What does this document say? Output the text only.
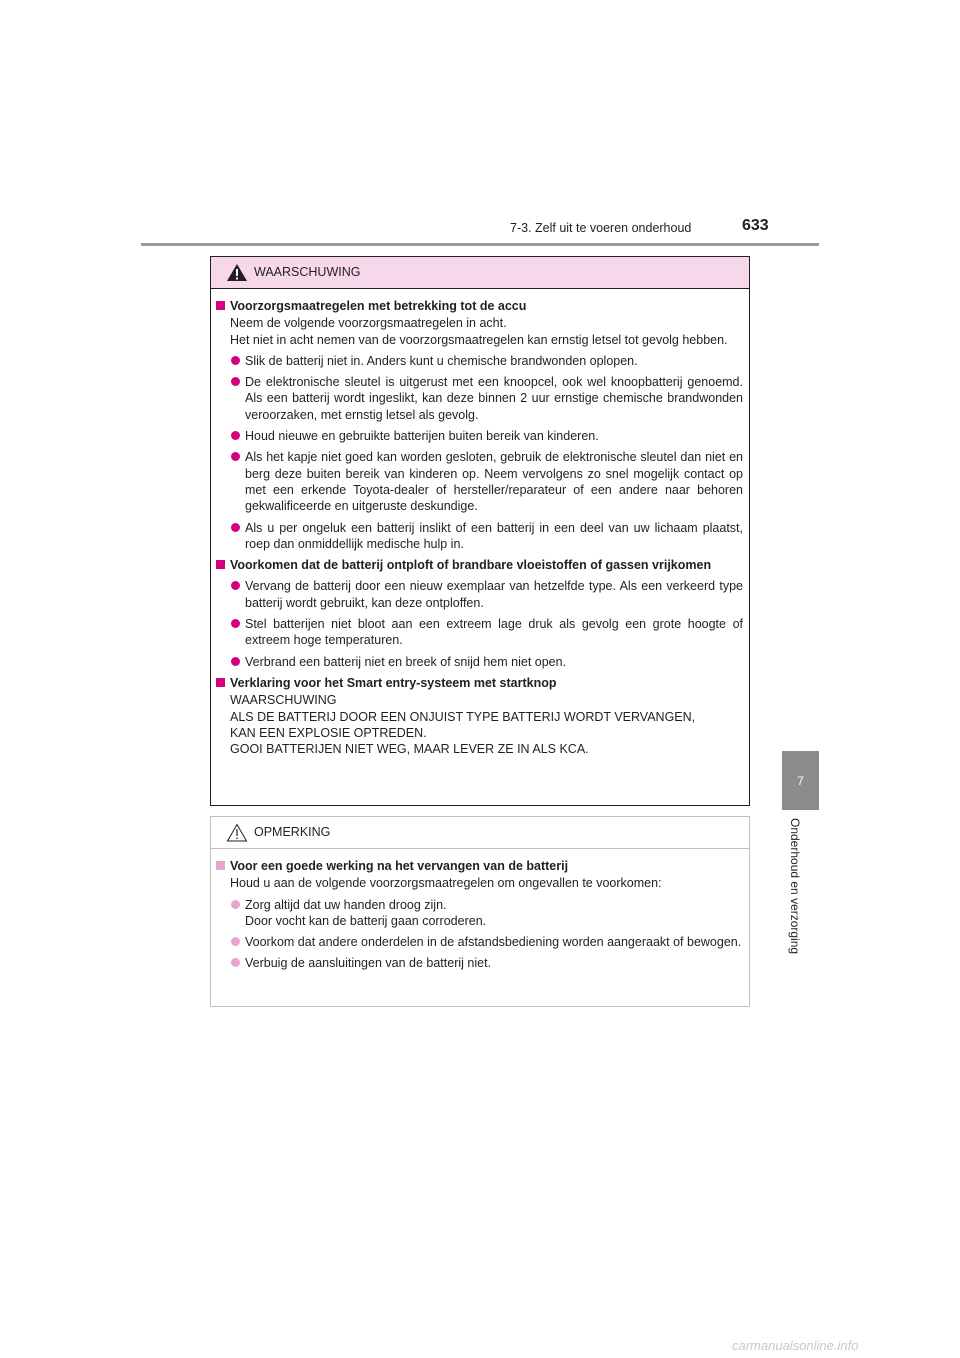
7-3. Zelf uit te voeren onderhoud	633
7
Onderhoud en verzorging
WAARSCHUWING
Voorzorgsmaatregelen met betrekking tot de accu
Neem de volgende voorzorgsmaatregelen in acht.
Het niet in acht nemen van de voorzorgsmaatregelen kan ernstig letsel tot gevolg hebben.
Slik de batterij niet in. Anders kunt u chemische brandwonden oplopen.
De elektronische sleutel is uitgerust met een knoopcel, ook wel knoopbatterij genoemd. Als een batterij wordt ingeslikt, kan deze binnen 2 uur ernstige chemische brandwonden veroorzaken, met ernstig letsel als gevolg.
Houd nieuwe en gebruikte batterijen buiten bereik van kinderen.
Als het kapje niet goed kan worden gesloten, gebruik de elektronische sleutel dan niet en berg deze buiten bereik van kinderen op. Neem vervolgens zo snel mogelijk contact op met een erkende Toyota-dealer of hersteller/reparateur of een andere naar behoren gekwalificeerde en uitgeruste deskundige.
Als u per ongeluk een batterij inslikt of een batterij in een deel van uw lichaam plaatst, roep dan onmiddellijk medische hulp in.
Voorkomen dat de batterij ontploft of brandbare vloeistoffen of gassen vrijkomen
Vervang de batterij door een nieuw exemplaar van hetzelfde type. Als een verkeerd type batterij wordt gebruikt, kan deze ontploffen.
Stel batterijen niet bloot aan een extreem lage druk als gevolg een grote hoogte of extreem hoge temperaturen.
Verbrand een batterij niet en breek of snijd hem niet open.
Verklaring voor het Smart entry-systeem met startknop
WAARSCHUWING
ALS DE BATTERIJ DOOR EEN ONJUIST TYPE BATTERIJ WORDT VERVANGEN,
KAN EEN EXPLOSIE OPTREDEN.
GOOI BATTERIJEN NIET WEG, MAAR LEVER ZE IN ALS KCA.
OPMERKING
Voor een goede werking na het vervangen van de batterij
Houd u aan de volgende voorzorgsmaatregelen om ongevallen te voorkomen:
Zorg altijd dat uw handen droog zijn.
Door vocht kan de batterij gaan corroderen.
Voorkom dat andere onderdelen in de afstandsbediening worden aangeraakt of bewogen.
Verbuig de aansluitingen van de batterij niet.
carmanualsonline.info
